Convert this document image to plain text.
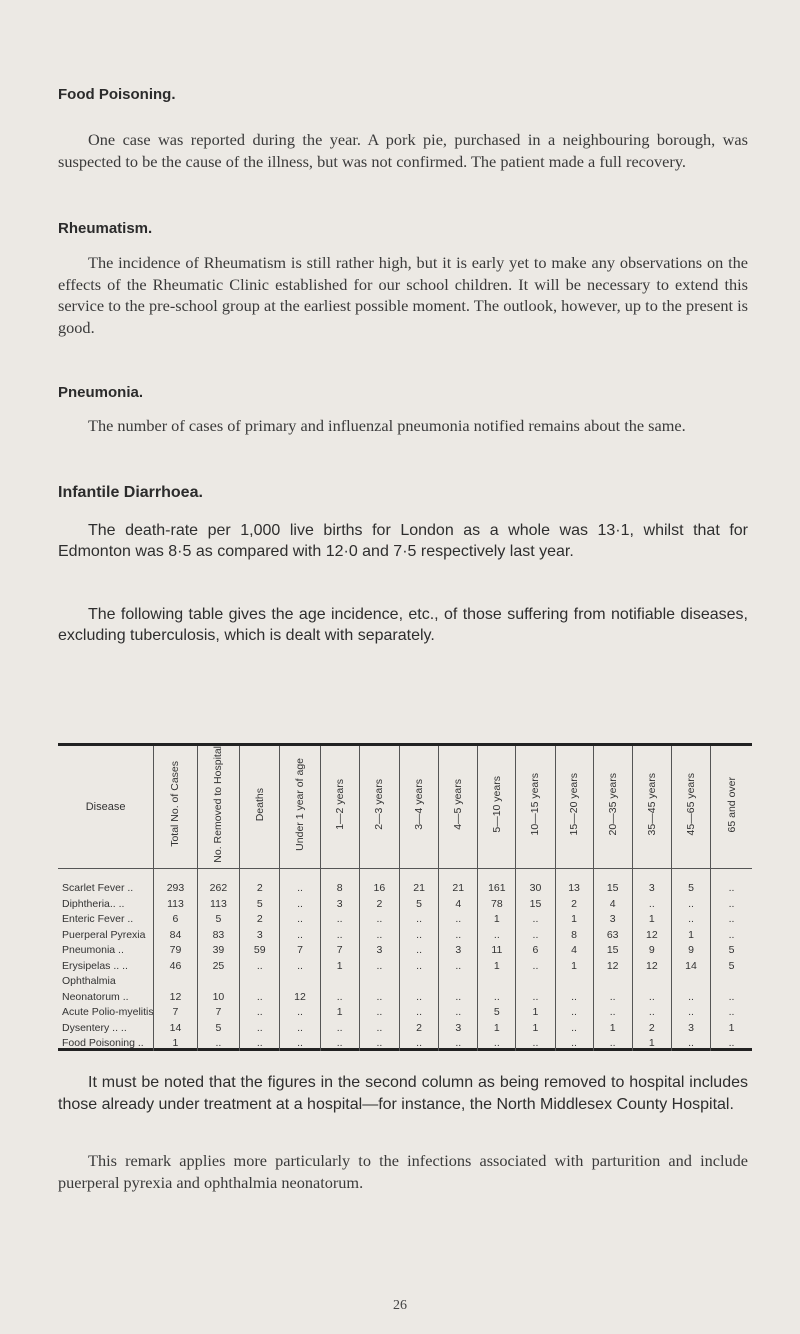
Food Poisoning.

One case was reported during the year. A pork pie, purchased in a neighbouring borough, was suspected to be the cause of the illness, but was not confirmed. The patient made a full recovery.

Rheumatism.

The incidence of Rheumatism is still rather high, but it is early yet to make any observations on the effects of the Rheumatic Clinic established for our school children. It will be necessary to extend this service to the pre-school group at the earliest possible moment. The outlook, however, up to the present is good.

Pneumonia.

The number of cases of primary and influenzal pneumonia notified remains about the same.

Infantile Diarrhoea.

The death-rate per 1,000 live births for London as a whole was 13·1, whilst that for Edmonton was 8·5 as compared with 12·0 and 7·5 respectively last year.

The following table gives the age incidence, etc., of those suffering from notifiable diseases, excluding tuberculosis, which is dealt with separately.

Disease	Total No. of Cases	No. Removed to Hospital	Deaths	Under 1 year of age	1—2 years	2—3 years	3—4 years	4—5 years	5—10 years	10—15 years	15—20 years	20—35 years	35—45 years	45—65 years	65 and over

Scarlet Fever ..	293	262	2	..	8	16	21	21	161	30	13	15	3	5	..
Diphtheria.. ..	113	113	5	..	3	2	5	4	78	15	2	4	..	..	..
Enteric Fever ..	6	5	2	..	..	..	..	..	1	..	1	3	1	..	..
Puerperal Pyrexia	84	83	3	..	..	..	..	..	..	..	8	63	12	1	..
Pneumonia ..	79	39	59	7	7	3	..	3	11	6	4	15	9	9	5
Erysipelas .. ..	46	25	..	..	1	..	..	..	1	..	1	12	12	14	5
Ophthalmia															
Neonatorum ..	12	10	..	12	..	..	..	..	..	..	..	..	..	..	..
Acute Polio-myelitis	7	7	..	..	1	..	..	..	5	1	..	..	..	..	..
Dysentery .. ..	14	5	..	..	..	..	2	3	1	1	..	1	2	3	1
Food Poisoning ..	1	..	..	..	..	..	..	..	..	..	..	..	1	..	..

It must be noted that the figures in the second column as being removed to hospital includes those already under treatment at a hospital—for instance, the North Middlesex County Hospital.

This remark applies more particularly to the infections associated with parturition and include puerperal pyrexia and ophthalmia neonatorum.

26
